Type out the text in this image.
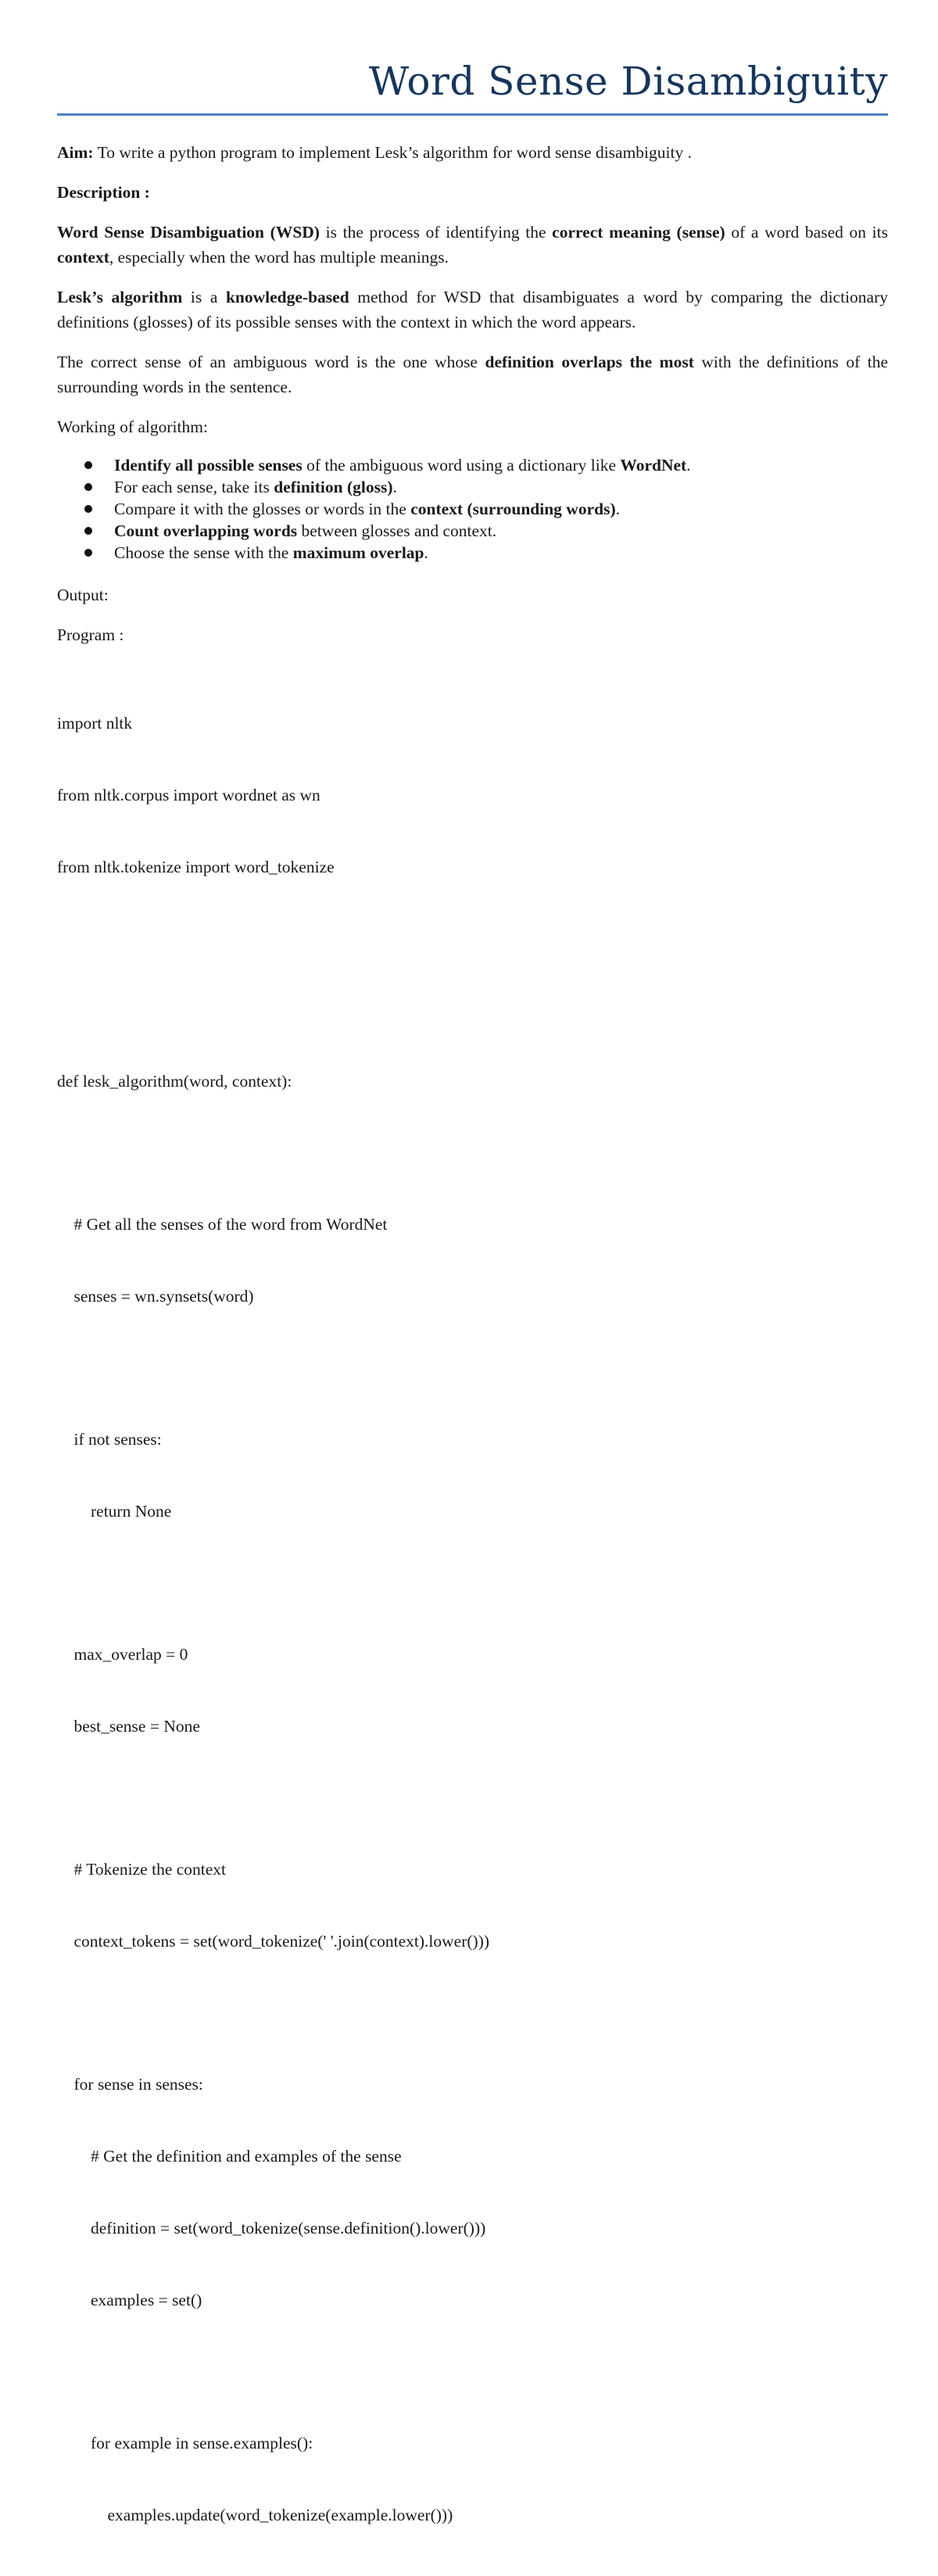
Word Sense Disambiguity

Aim: To write a python program to implement Lesk’s algorithm for word sense disambiguity .

Description :

Word Sense Disambiguation (WSD) is the process of identifying the correct meaning (sense) of a word based on its context, especially when the word has multiple meanings.

Lesk’s algorithm is a knowledge-based method for WSD that disambiguates a word by comparing the dictionary definitions (glosses) of its possible senses with the context in which the word appears.

The correct sense of an ambiguous word is the one whose definition overlaps the most with the definitions of the surrounding words in the sentence.

Working of algorithm:

Identify all possible senses of the ambiguous word using a dictionary like WordNet.
For each sense, take its definition (gloss).
Compare it with the glosses or words in the context (surrounding words).
Count overlapping words between glosses and context.
Choose the sense with the maximum overlap.

Output:

Program :

import nltk

from nltk.corpus import wordnet as wn

from nltk.tokenize import word_tokenize

def lesk_algorithm(word, context):

# Get all the senses of the word from WordNet

senses = wn.synsets(word)

if not senses:

return None

max_overlap = 0

best_sense = None

# Tokenize the context

context_tokens = set(word_tokenize(' '.join(context).lower()))

for sense in senses:

# Get the definition and examples of the sense

definition = set(word_tokenize(sense.definition().lower()))

examples = set()

for example in sense.examples():

examples.update(word_tokenize(example.lower()))
